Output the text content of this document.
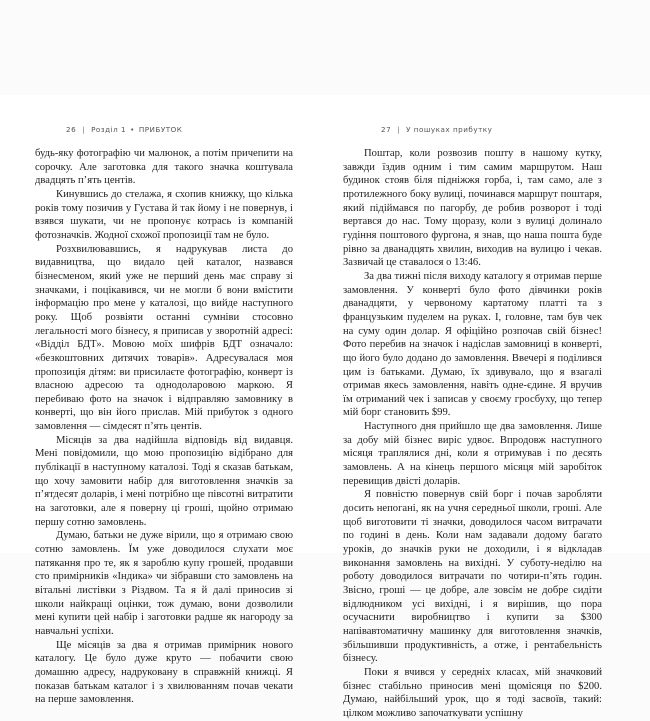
26 | Розділ 1 • ПРИБУТОК

будь-яку фотографію чи малюнок, а потім причепити на сорочку. Але заготовка для такого значка коштувала двадцять п’ять центів.

Кинувшись до стелажа, я схопив книжку, що кілька років тому позичив у Густава й так йому і не повернув, і взявся шукати, чи не пропонує котрась із компаній фотозначків. Жодної схожої пропозиції там не було.

Розхвилювавшись, я надрукував листа до видавництва, що видало цей каталог, назвався бізнесменом, який уже не перший день має справу зі значками, і поцікавився, чи не могли б вони вмістити інформацію про мене у каталозі, що вийде наступного року. Щоб розвіяти останні сумніви стосовно легальності мого бізнесу, я приписав у зворотній адресі: «Відділ БДТ». Мовою моїх шифрів БДТ означало: «безкоштовних дитячих товарів». Адресувалася моя пропозиція дітям: ви присилаєте фотографію, конверт із власною адресою та однодоларовою маркою. Я перебиваю фото на значок і відправляю замовнику в конверті, що він його прислав. Мій прибуток з одного замовлення — сімдесят п’ять центів.

Місяців за два надійшла відповідь від видавця. Мені повідомили, що мою пропозицію відібрано для публікації в наступному каталозі. Тоді я сказав батькам, що хочу замовити набір для виготовлення значків за п’ятдесят доларів, і мені потрібно ще півсотні витратити на заготовки, але я поверну ці гроші, щойно отримаю першу сотню замовлень.

Думаю, батьки не дуже вірили, що я отримаю свою сотню замовлень. Їм уже доводилося слухати моє патякання про те, як я зароблю купу грошей, продавши сто примірників «Індика» чи зібравши сто замовлень на вітальні листівки з Різдвом. Та я й далі приносив зі школи найкращі оцінки, тож думаю, вони дозволили мені купити цей набір і заготовки радше як нагороду за навчальні успіхи.

Ще місяців за два я отримав примірник нового каталогу. Це було дуже круто — побачити свою домашню адресу, надруковану в справжній книжці. Я показав батькам каталог і з хвилюванням почав чекати на перше замовлення.

27 | У пошуках прибутку

Поштар, коли розвозив пошту в нашому кутку, завжди їздив одним і тим самим маршрутом. Наш будинок стояв біля підніжжя горба, і, там само, але з протилежного боку вулиці, починався маршрут поштаря, який підіймався по пагорбу, де робив розворот і тоді вертався до нас. Тому щоразу, коли з вулиці долинало гудіння поштового фургона, я знав, що наша пошта буде рівно за дванадцять хвилин, виходив на вулицю і чекав. Зазвичай це ставалося о 13:46.

За два тижні після виходу каталогу я отримав перше замовлення. У конверті було фото дівчинки років дванадцяти, у червоному картатому платті та з французьким пуделем на руках. І, головне, там був чек на суму один долар. Я офіційно розпочав свій бізнес! Фото перебив на значок і надіслав замовниці в конверті, що його було додано до замовлення. Ввечері я поділився цим із батьками. Думаю, їх здивувало, що я взагалі отримав якесь замовлення, навіть одне-єдине. Я вручив їм отриманий чек і записав у своєму гросбуху, що тепер мій борг становить $99.

Наступного дня прийшло ще два замовлення. Лише за добу мій бізнес виріс удвоє. Впродовж наступного місяця траплялися дні, коли я отримував і по десять замовлень. А на кінець першого місяця мій заробіток перевищив двісті доларів.

Я повністю повернув свій борг і почав заробляти досить непогані, як на учня середньої школи, гроші. Але щоб виготовити ті значки, доводилося часом витрачати по годині в день. Коли нам задавали додому багато уроків, до значків руки не доходили, і я відкладав виконання замовлень на вихідні. У суботу-неділю на роботу доводилося витрачати по чотири-п’ять годин. Звісно, гроші — це добре, але зовсім не добре сидіти відлюдником усі вихідні, і я вирішив, що пора осучаснити виробництво і купити за $300 напівавтоматичну машинку для виготовлення значків, збільшивши продуктивність, а отже, і рентабельність бізнесу.

Поки я вчився у середніх класах, мій значковий бізнес стабільно приносив мені щомісяця по $200. Думаю, найбільший урок, що я тоді засвоїв, такий: цілком можливо започаткувати успішну
